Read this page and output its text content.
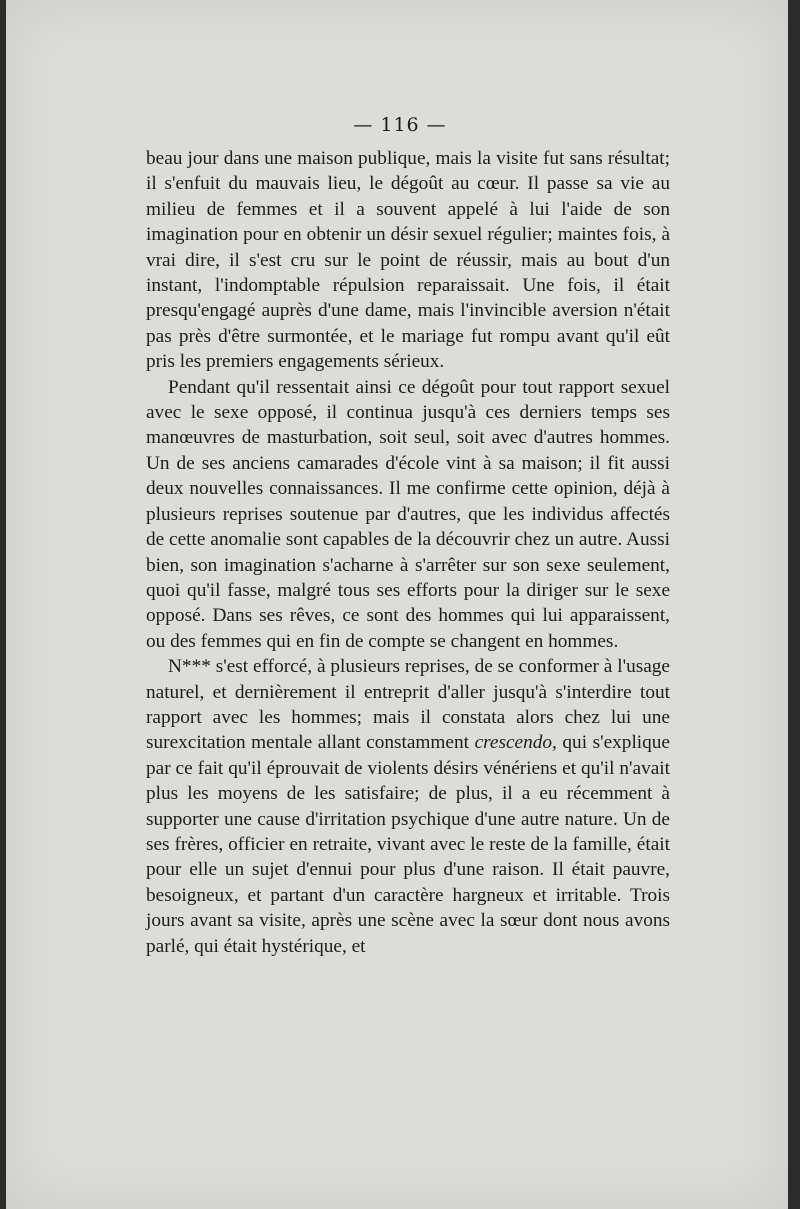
— 116 —

beau jour dans une maison publique, mais la visite fut sans résultat; il s'enfuit du mauvais lieu, le dégoût au cœur. Il passe sa vie au milieu de femmes et il a souvent appelé à lui l'aide de son imagination pour en obtenir un désir sexuel régulier; maintes fois, à vrai dire, il s'est cru sur le point de réussir, mais au bout d'un instant, l'indomptable répulsion reparaissait. Une fois, il était presqu'engagé auprès d'une dame, mais l'invincible aversion n'était pas près d'être surmontée, et le mariage fut rompu avant qu'il eût pris les premiers engagements sérieux.

Pendant qu'il ressentait ainsi ce dégoût pour tout rapport sexuel avec le sexe opposé, il continua jusqu'à ces derniers temps ses manœuvres de masturbation, soit seul, soit avec d'autres hommes. Un de ses anciens camarades d'école vint à sa maison; il fit aussi deux nouvelles connaissances. Il me confirme cette opinion, déjà à plusieurs reprises soutenue par d'autres, que les individus affectés de cette anomalie sont capables de la découvrir chez un autre. Aussi bien, son imagination s'acharne à s'arrêter sur son sexe seulement, quoi qu'il fasse, malgré tous ses efforts pour la diriger sur le sexe opposé. Dans ses rêves, ce sont des hommes qui lui apparaissent, ou des femmes qui en fin de compte se changent en hommes.

N*** s'est efforcé, à plusieurs reprises, de se conformer à l'usage naturel, et dernièrement il entreprit d'aller jusqu'à s'interdire tout rapport avec les hommes; mais il constata alors chez lui une surexcitation mentale allant constamment crescendo, qui s'explique par ce fait qu'il éprouvait de violents désirs vénériens et qu'il n'avait plus les moyens de les satisfaire; de plus, il a eu récemment à supporter une cause d'irritation psychique d'une autre nature. Un de ses frères, officier en retraite, vivant avec le reste de la famille, était pour elle un sujet d'ennui pour plus d'une raison. Il était pauvre, besoigneux, et partant d'un caractère hargneux et irritable. Trois jours avant sa visite, après une scène avec la sœur dont nous avons parlé, qui était hystérique, et
